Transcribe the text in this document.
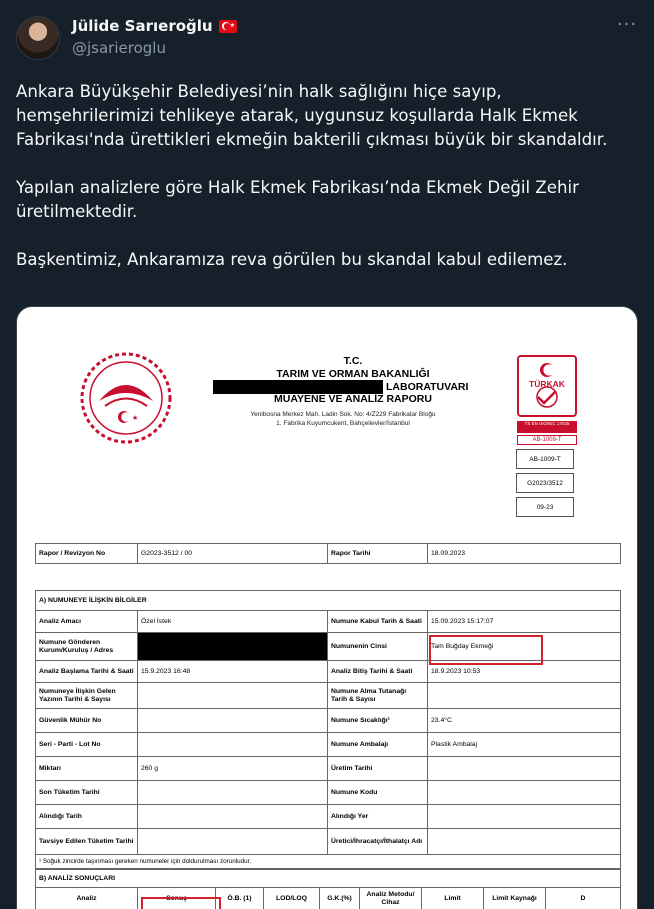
Jülide Sarıeroğlu	★
@jsarieroglu
···

Ankara Büyükşehir Belediyesi’nin halk sağlığını hiçe sayıp, hemşehrilerimizi tehlikeye atarak, uygunsuz koşullarda Halk Ekmek Fabrikası'nda ürettikleri ekmeğin bakterili çıkması büyük bir skandaldır.

Yapılan analizlere göre Halk Ekmek Fabrikası’nda Ekmek Değil Zehir üretilmektedir.

Başkentimiz, Ankaramıza reva görülen bu skandal kabul edilemez.

★
T.C.
TARIM VE ORMAN BAKANLIĞI
LABORATUVARI
MUAYENE VE ANALİZ RAPORU
Yenibosna Merkez Mah. Ladin Sok. No: 4/Z229 Fabrikalar Bloğu
1. Fabrika Kuyumcukent, Bahçelievler/İstanbul
TÜRKAK
TS EN ISO/IEC 17025
AB-1009-T
AB-1009-T
G2023/3512
09-23
Rapor / Revizyon No	G2023-3512 / 00	Rapor Tarihi	18.09.2023
A) NUMUNEYE İLİŞKİN BİLGİLER			
Analiz Amacı	Özel İstek	Numune Kabul Tarih & Saati	15.09.2023 15:17:07
Numune Gönderen Kurum/Kuruluş / Adres		Numunenin Cinsi	Tam Buğday Ekmeği
Analiz Başlama Tarihi & Saati	15.9.2023 16:48	Analiz Bitiş Tarihi & Saati	18.9.2023 10:53
Numuneye İlişkin Gelen Yazının Tarihi & Sayısı		Numune Alma Tutanağı Tarih & Sayısı	
Güvenlik Mühür No		Numune Sıcaklığı¹	23.4°C
Seri - Parti - Lot No		Numune Ambalajı	Plastik Ambalaj
Miktarı	260 g	Üretim Tarihi	
Son Tüketim Tarihi		Numune Kodu	
Alındığı Tarih		Alındığı Yer	
Tavsiye Edilen Tüketim Tarihi		Üretici/İhracatçı/İthalatçı Adı	
¹ Soğuk zincirde taşınması gereken numuneler için doldurulması zorunludur.			
B) ANALİZ SONUÇLARI
Analiz	Sonuç	Ö.B. (1)	LOD/LOQ	G.K.(%)	Analiz Metodu/ Cihaz	Limit	Limit Kaynağı	D
